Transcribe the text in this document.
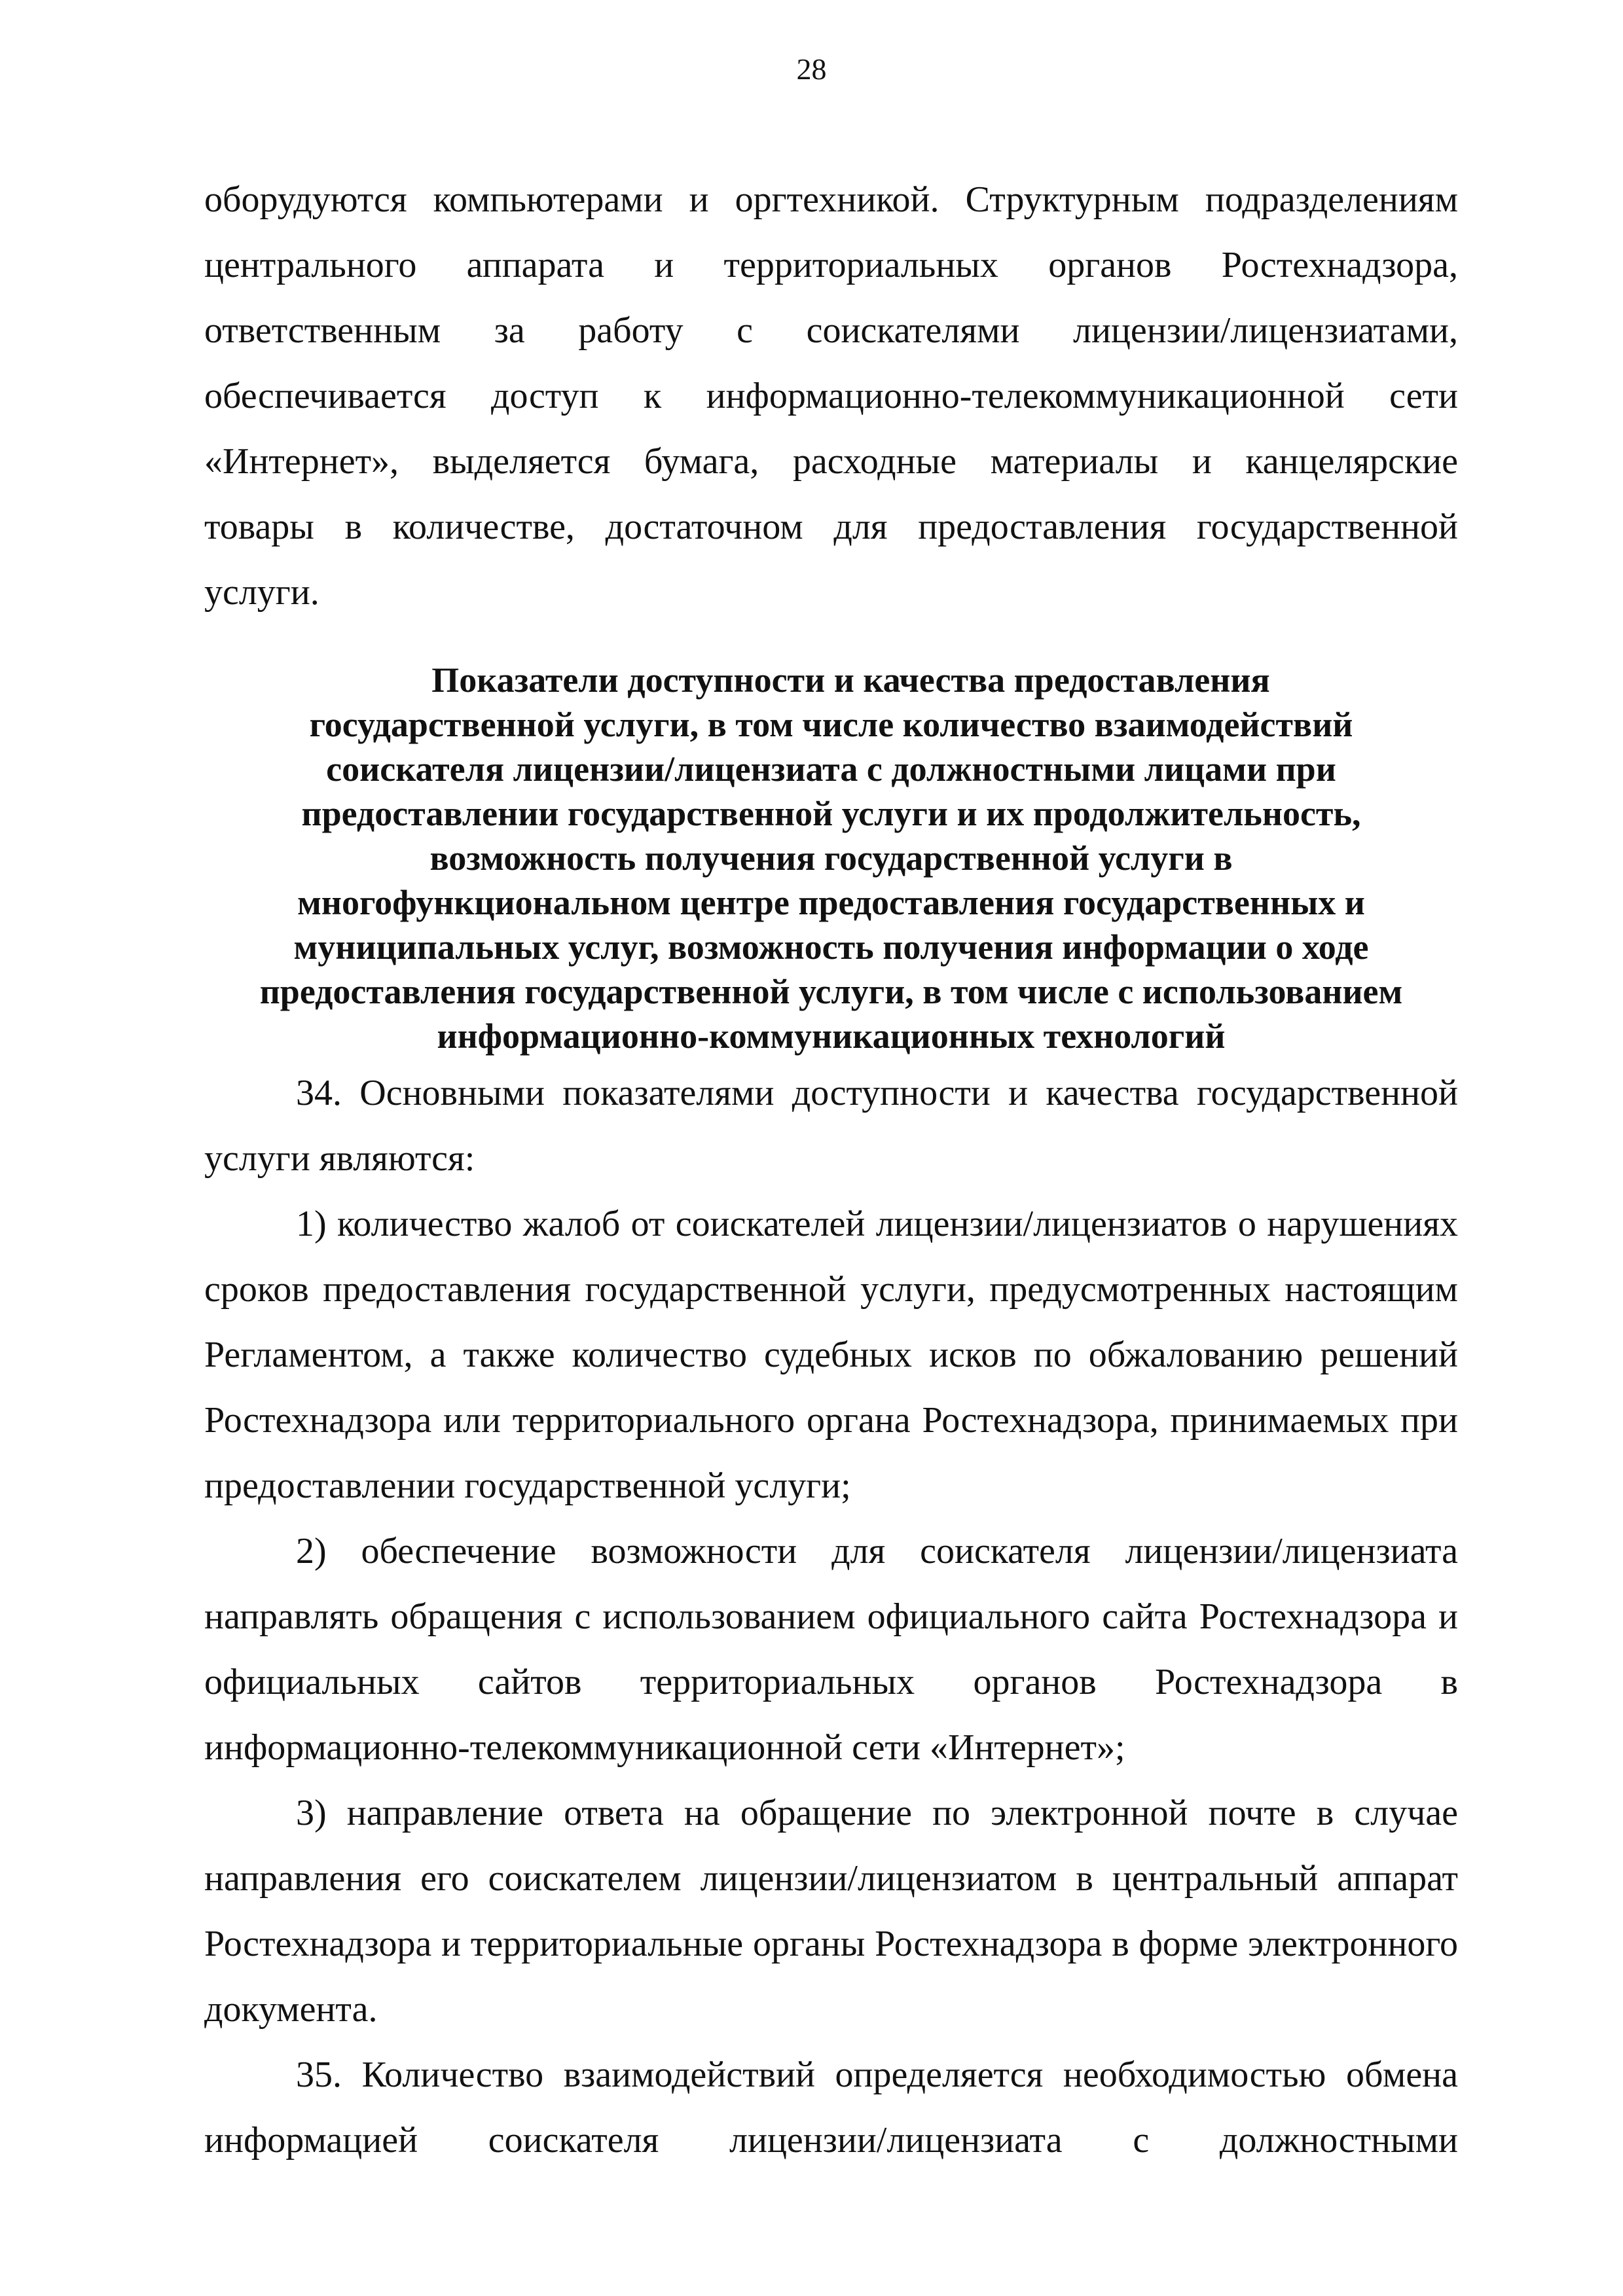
28

оборудуются компьютерами и оргтехникой. Структурным подразделениям

центрального аппарата и территориальных органов Ростехнадзора,

ответственным за работу с соискателями лицензии/лицензиатами,

обеспечивается доступ к информационно-телекоммуникационной сети

«Интернет», выделяется бумага, расходные материалы и канцелярские

товары в количестве, достаточном для предоставления государственной

услуги.

Показатели доступности и качества предоставления
государственной услуги, в том числе количество взаимодействий
соискателя лицензии/лицензиата с должностными лицами при
предоставлении государственной услуги и их продолжительность,
возможность получения государственной услуги в
многофункциональном центре предоставления государственных и
муниципальных услуг, возможность получения информации о ходе
предоставления государственной услуги, в том числе с использованием
информационно-коммуникационных технологий

34. Основными показателями доступности и качества государственной услуги являются:

1) количество жалоб от соискателей лицензии/лицензиатов о нарушениях сроков предоставления государственной услуги, предусмотренных настоящим Регламентом, а также количество судебных исков по обжалованию решений Ростехнадзора или территориального органа Ростехнадзора, принимаемых при предоставлении государственной услуги;

2) обеспечение возможности для соискателя лицензии/лицензиата направлять обращения с использованием официального сайта Ростехнадзора и официальных сайтов территориальных органов Ростехнадзора в информационно-телекоммуникационной сети «Интернет»;

3) направление ответа на обращение по электронной почте в случае направления его соискателем лицензии/лицензиатом в центральный аппарат Ростехнадзора и территориальные органы Ростехнадзора в форме электронного документа.

35. Количество взаимодействий определяется необходимостью обмена информацией соискателя лицензии/лицензиата с должностными
